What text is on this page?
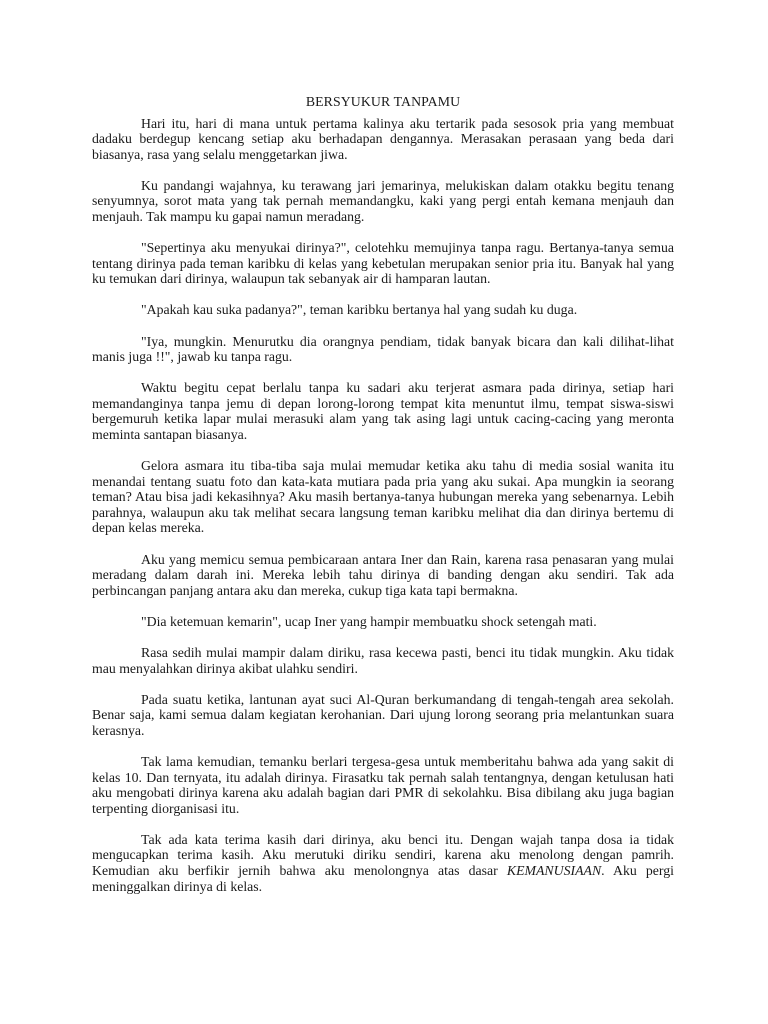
BERSYUKUR TANPAMU

Hari itu, hari di mana untuk pertama kalinya aku tertarik pada sesosok pria yang membuat dadaku berdegup kencang setiap aku berhadapan dengannya. Merasakan perasaan yang beda dari biasanya, rasa yang selalu menggetarkan jiwa.

Ku pandangi wajahnya, ku terawang jari jemarinya, melukiskan dalam otakku begitu tenang senyumnya, sorot mata yang tak pernah memandangku, kaki yang pergi entah kemana menjauh dan menjauh. Tak mampu ku gapai namun meradang.

"Sepertinya aku menyukai dirinya?", celotehku memujinya tanpa ragu. Bertanya-tanya semua tentang dirinya pada teman karibku di kelas yang kebetulan merupakan senior pria itu. Banyak hal yang ku temukan dari dirinya, walaupun tak sebanyak air di hamparan lautan.

"Apakah kau suka padanya?", teman karibku bertanya hal yang sudah ku duga.

"Iya, mungkin. Menurutku dia orangnya pendiam, tidak banyak bicara dan kali dilihat-lihat manis juga !!", jawab ku tanpa ragu.

Waktu begitu cepat berlalu tanpa ku sadari aku terjerat asmara pada dirinya, setiap hari memandanginya tanpa jemu di depan lorong-lorong tempat kita menuntut ilmu, tempat siswa-siswi bergemuruh ketika lapar mulai merasuki alam yang tak asing lagi untuk cacing-cacing yang meronta meminta santapan biasanya.

Gelora asmara itu tiba-tiba saja mulai memudar ketika aku tahu di media sosial wanita itu menandai tentang suatu foto dan kata-kata mutiara pada pria yang aku sukai. Apa mungkin ia seorang teman? Atau bisa jadi kekasihnya? Aku masih bertanya-tanya hubungan mereka yang sebenarnya. Lebih parahnya, walaupun aku tak melihat secara langsung teman karibku melihat dia dan dirinya bertemu di depan kelas mereka.

Aku yang memicu semua pembicaraan antara Iner dan Rain, karena rasa penasaran yang mulai meradang dalam darah ini. Mereka lebih tahu dirinya di banding dengan aku sendiri. Tak ada perbincangan panjang antara aku dan mereka, cukup tiga kata tapi bermakna.

"Dia ketemuan kemarin", ucap Iner yang hampir membuatku shock setengah mati.

Rasa sedih mulai mampir dalam diriku, rasa kecewa pasti, benci itu tidak mungkin. Aku tidak mau menyalahkan dirinya akibat ulahku sendiri.

Pada suatu ketika, lantunan ayat suci Al-Quran berkumandang di tengah-tengah area sekolah. Benar saja, kami semua dalam kegiatan kerohanian. Dari ujung lorong seorang pria melantunkan suara kerasnya.

Tak lama kemudian, temanku berlari tergesa-gesa untuk memberitahu bahwa ada yang sakit di kelas 10. Dan ternyata, itu adalah dirinya. Firasatku tak pernah salah tentangnya, dengan ketulusan hati aku mengobati dirinya karena aku adalah bagian dari PMR di sekolahku. Bisa dibilang aku juga bagian terpenting diorganisasi itu.

Tak ada kata terima kasih dari dirinya, aku benci itu. Dengan wajah tanpa dosa ia tidak mengucapkan terima kasih. Aku merutuki diriku sendiri, karena aku menolong dengan pamrih. Kemudian aku berfikir jernih bahwa aku menolongnya atas dasar KEMANUSIAAN. Aku pergi meninggalkan dirinya di kelas.
